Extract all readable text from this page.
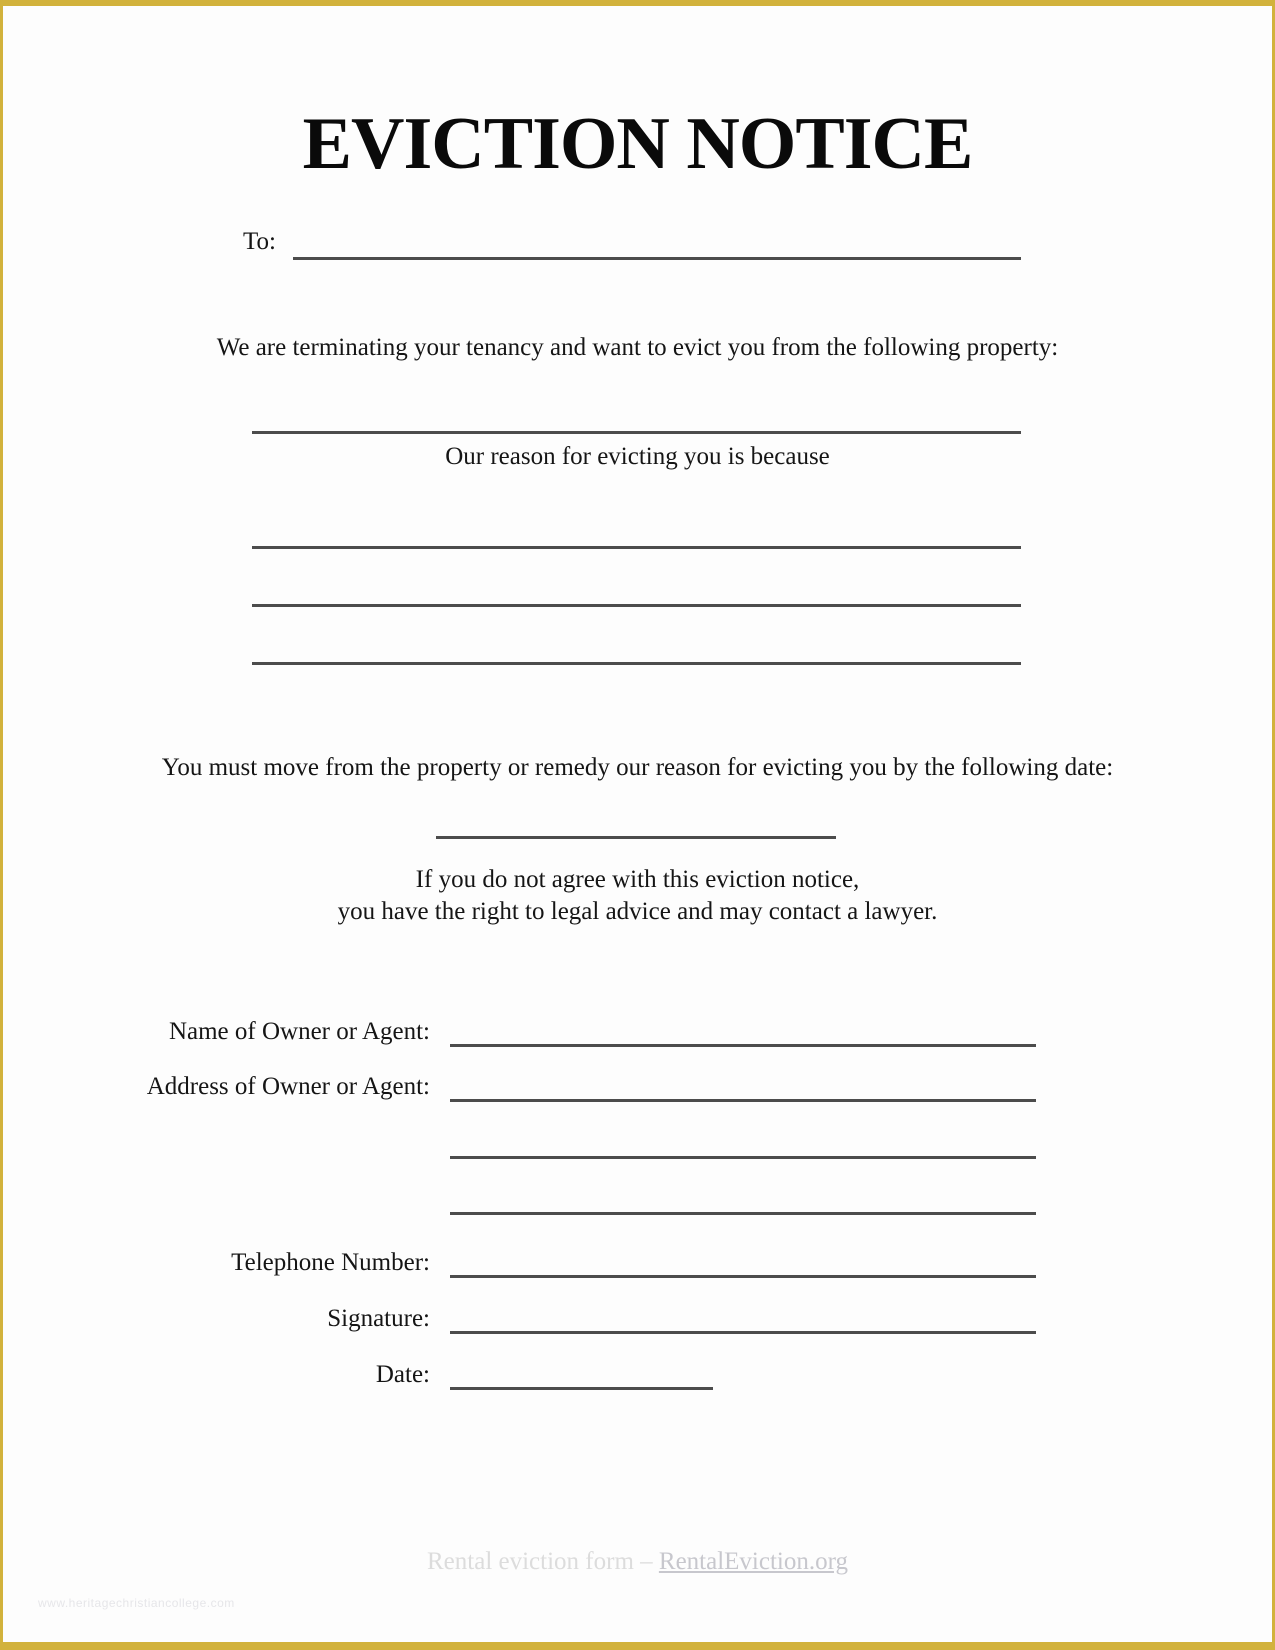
EVICTION NOTICE
To:
We are terminating your tenancy and want to evict you from the following property:
Our reason for evicting you is because
You must move from the property or remedy our reason for evicting you by the following date:
If you do not agree with this eviction notice,
you have the right to legal advice and may contact a lawyer.
Name of Owner or Agent:
Address of Owner or Agent:
Telephone Number:
Signature:
Date:
Rental eviction form – RentalEviction.org
www.heritagechristiancollege.com
